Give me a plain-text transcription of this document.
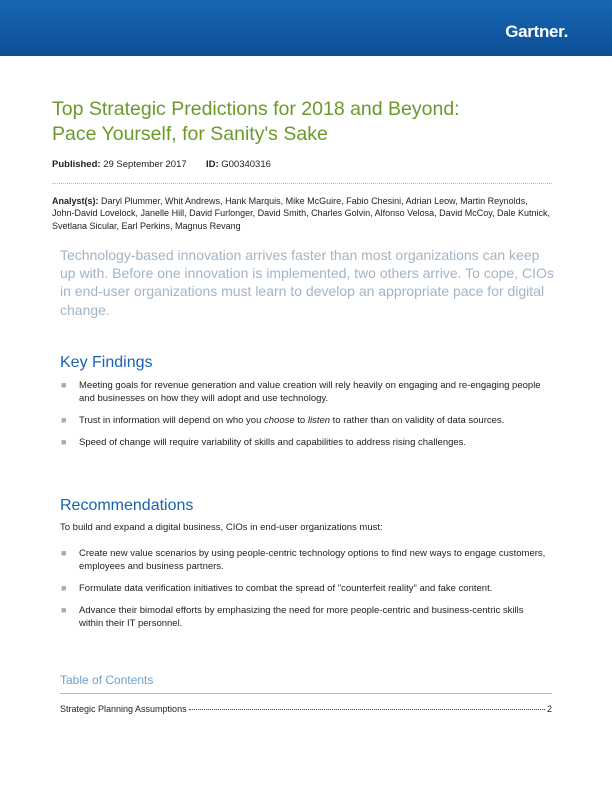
Gartner.
Top Strategic Predictions for 2018 and Beyond:
Pace Yourself, for Sanity's Sake
Published: 29 September 2017 ID: G00340316

Analyst(s): Daryl Plummer, Whit Andrews, Hank Marquis, Mike McGuire, Fabio Chesini, Adrian Leow, Martin Reynolds, John-David Lovelock, Janelle Hill, David Furlonger, David Smith, Charles Golvin, Alfonso Velosa, David McCoy, Dale Kutnick, Svetlana Sicular, Earl Perkins, Magnus Revang

Technology-based innovation arrives faster than most organizations can keep up with. Before one innovation is implemented, two others arrive. To cope, CIOs in end-user organizations must learn to develop an appropriate pace for digital change.

Key Findings
■ Meeting goals for revenue generation and value creation will rely heavily on engaging and re-engaging people and businesses on how they will adopt and use technology.
■ Trust in information will depend on who you choose to listen to rather than on validity of data sources.
■ Speed of change will require variability of skills and capabilities to address rising challenges.
Recommendations

To build and expand a digital business, CIOs in end-user organizations must:

■ Create new value scenarios by using people-centric technology options to find new ways to engage customers, employees and business partners.
■ Formulate data verification initiatives to combat the spread of "counterfeit reality" and fake content.
■ Advance their bimodal efforts by emphasizing the need for more people-centric and business-centric skills within their IT personnel.
Table of Contents
Strategic Planning Assumptions	2
